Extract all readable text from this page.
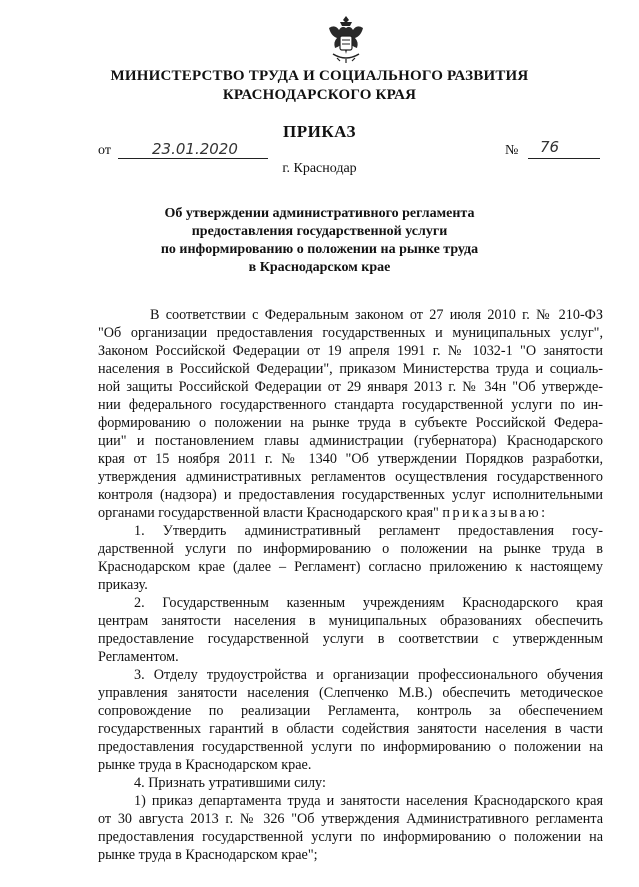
МИНИСТЕРСТВО ТРУДА И СОЦИАЛЬНОГО РАЗВИТИЯ
КРАСНОДАРСКОГО КРАЯ
ПРИКАЗ
от	23.01.2020	№ 76
г. Краснодар
Об утверждении административного регламента
предоставления государственной услуги
по информированию о положении на рынке труда
в Краснодарском крае
В соответствии с Федеральным законом от 27 июля 2010 г. № 210-ФЗ
"Об организации предоставления государственных и муниципальных услуг",
Законом Российской Федерации от 19 апреля 1991 г. № 1032-1 "О занятости
населения в Российской Федерации", приказом Министерства труда и социаль-
ной защиты Российской Федерации от 29 января 2013 г. № 34н "Об утвержде-
нии федерального государственного стандарта государственной услуги по ин-
формированию о положении на рынке труда в субъекте Российской Федера-
ции" и постановлением главы администрации (губернатора) Краснодарского
края от 15 ноября 2011 г. № 1340 "Об утверждении Порядков разработки,
утверждения административных регламентов осуществления государственного
контроля (надзора) и предоставления государственных услуг исполнительными
органами государственной власти Краснодарского края" приказываю:
1. Утвердить административный регламент предоставления госу-
дарственной услуги по информированию о положении на рынке труда в
Краснодарском крае (далее – Регламент) согласно приложению к настоящему
приказу.
2. Государственным казенным учреждениям Краснодарского края
центрам занятости населения в муниципальных образованиях обеспечить
предоставление государственной услуги в соответствии с утвержденным
Регламентом.
3. Отделу трудоустройства и организации профессионального обучения
управления занятости населения (Слепченко М.В.) обеспечить методическое
сопровождение по реализации Регламента, контроль за обеспечением
государственных гарантий в области содействия занятости населения в части
предоставления государственной услуги по информированию о положении на
рынке труда в Краснодарском крае.
4. Признать утратившими силу:
1) приказ департамента труда и занятости населения Краснодарского края
от 30 августа 2013 г. № 326 "Об утверждения Административного регламента
предоставления государственной услуги по информированию о положении на
рынке труда в Краснодарском крае";
